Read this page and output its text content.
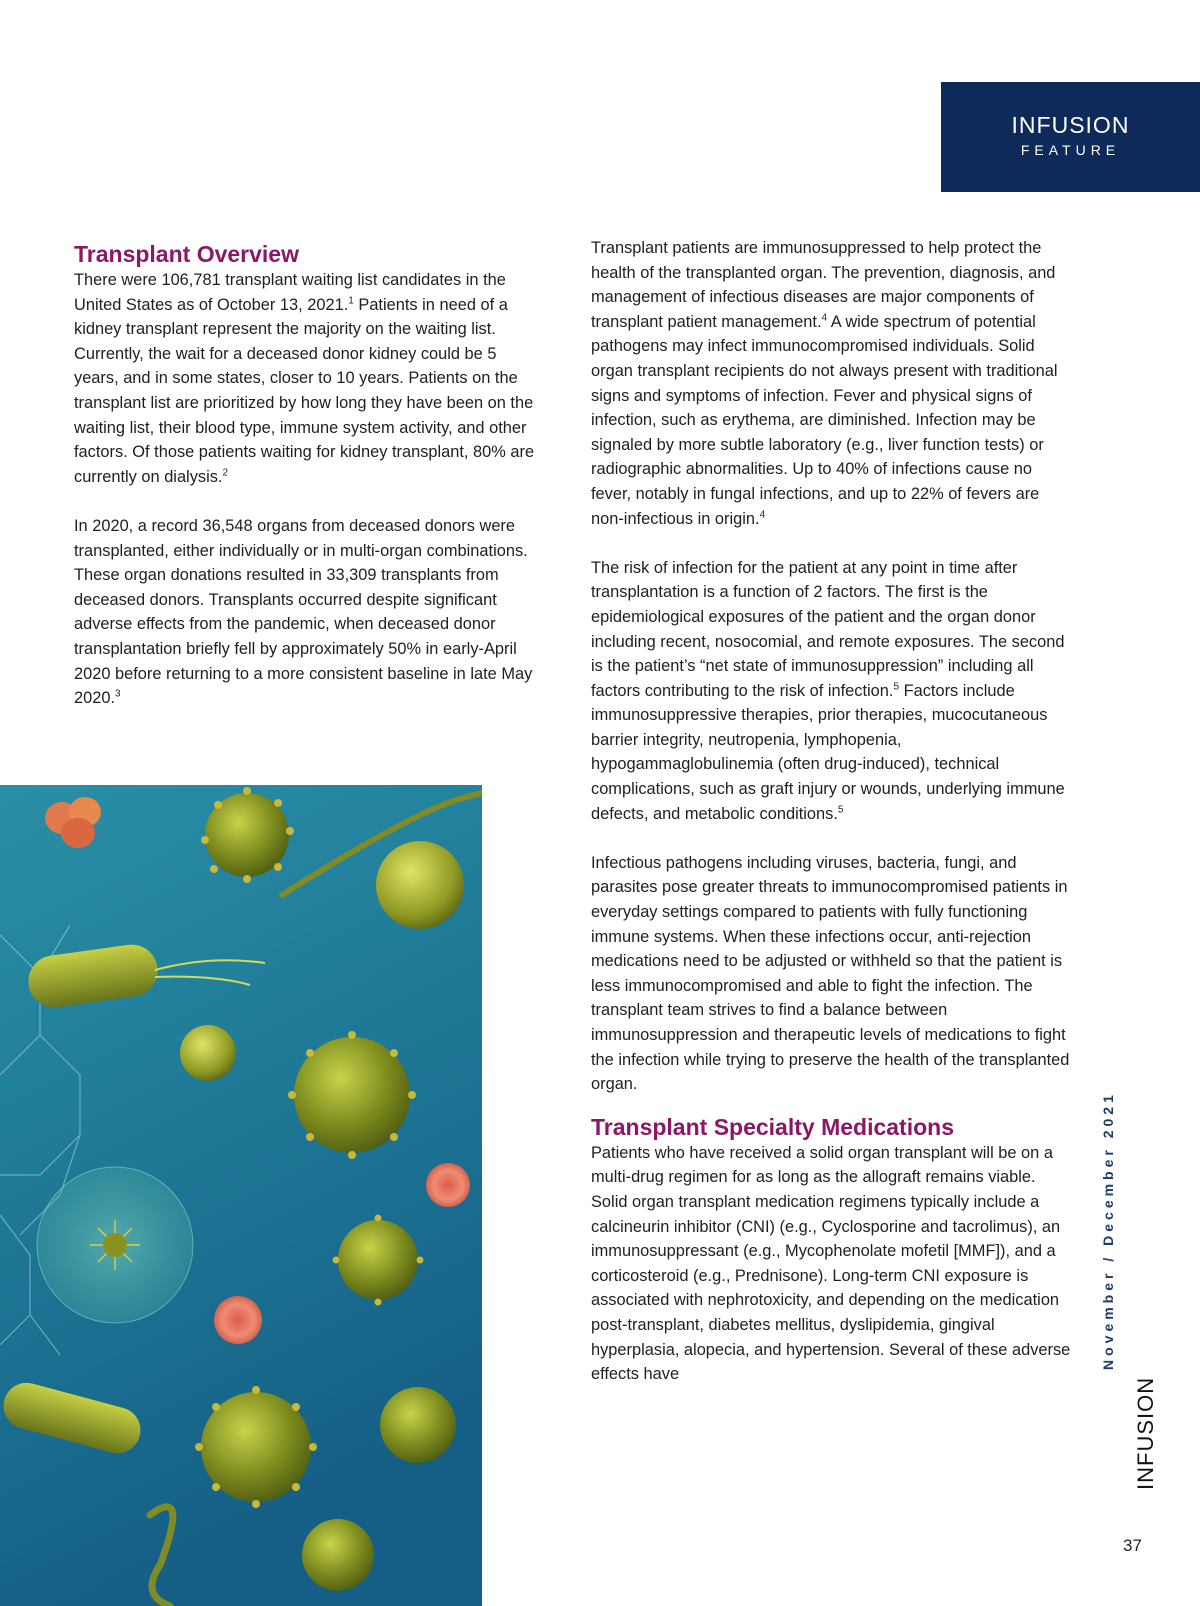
INFUSION
FEATURE
Transplant Overview

There were 106,781 transplant waiting list candidates in the United States as of October 13, 2021.$^1$ Patients in need of a kidney transplant represent the majority on the waiting list. Currently, the wait for a deceased donor kidney could be 5 years, and in some states, closer to 10 years. Patients on the transplant list are prioritized by how long they have been on the waiting list, their blood type, immune system activity, and other factors. Of those patients waiting for kidney transplant, 80% are currently on dialysis.$^2$

In 2020, a record 36,548 organs from deceased donors were transplanted, either individually or in multi-organ combinations. These organ donations resulted in 33,309 transplants from deceased donors. Transplants occurred despite significant adverse effects from the pandemic, when deceased donor transplantation briefly fell by approximately 50% in early-April 2020 before returning to a more consistent baseline in late May 2020.$^3$

Transplant patients are immunosuppressed to help protect the health of the transplanted organ. The prevention, diagnosis, and management of infectious diseases are major components of transplant patient management.$^4$ A wide spectrum of potential pathogens may infect immunocompromised individuals. Solid organ transplant recipients do not always present with traditional signs and symptoms of infection. Fever and physical signs of infection, such as erythema, are diminished. Infection may be signaled by more subtle laboratory (e.g., liver function tests) or radiographic abnormalities. Up to 40% of infections cause no fever, notably in fungal infections, and up to 22% of fevers are non-infectious in origin.$^4$

The risk of infection for the patient at any point in time after transplantation is a function of 2 factors. The first is the epidemiological exposures of the patient and the organ donor including recent, nosocomial, and remote exposures. The second is the patient’s “net state of immunosuppression” including all factors contributing to the risk of infection.$^5$ Factors include immunosuppressive therapies, prior therapies, mucocutaneous barrier integrity, neutropenia, lymphopenia, hypogammaglobulinemia (often drug-induced), technical complications, such as graft injury or wounds, underlying immune defects, and metabolic conditions.$^5$

Infectious pathogens including viruses, bacteria, fungi, and parasites pose greater threats to immunocompromised patients in everyday settings compared to patients with fully functioning immune systems. When these infections occur, anti-rejection medications need to be adjusted or withheld so that the patient is less immunocompromised and able to fight the infection. The transplant team strives to find a balance between immunosuppression and therapeutic levels of medications to fight the infection while trying to preserve the health of the transplanted organ.

Transplant Specialty Medications

Patients who have received a solid organ transplant will be on a multi-drug regimen for as long as the allograft remains viable. Solid organ transplant medication regimens typically include a calcineurin inhibitor (CNI) (e.g., Cyclosporine and tacrolimus), an immunosuppressant (e.g., Mycophenolate mofetil [MMF]), and a corticosteroid (e.g., Prednisone). Long-term CNI exposure is associated with nephrotoxicity, and depending on the medication post-transplant, diabetes mellitus, dyslipidemia, gingival hyperplasia, alopecia, and hypertension. Several of these adverse effects have

November / December 2021
INFUSION
37
